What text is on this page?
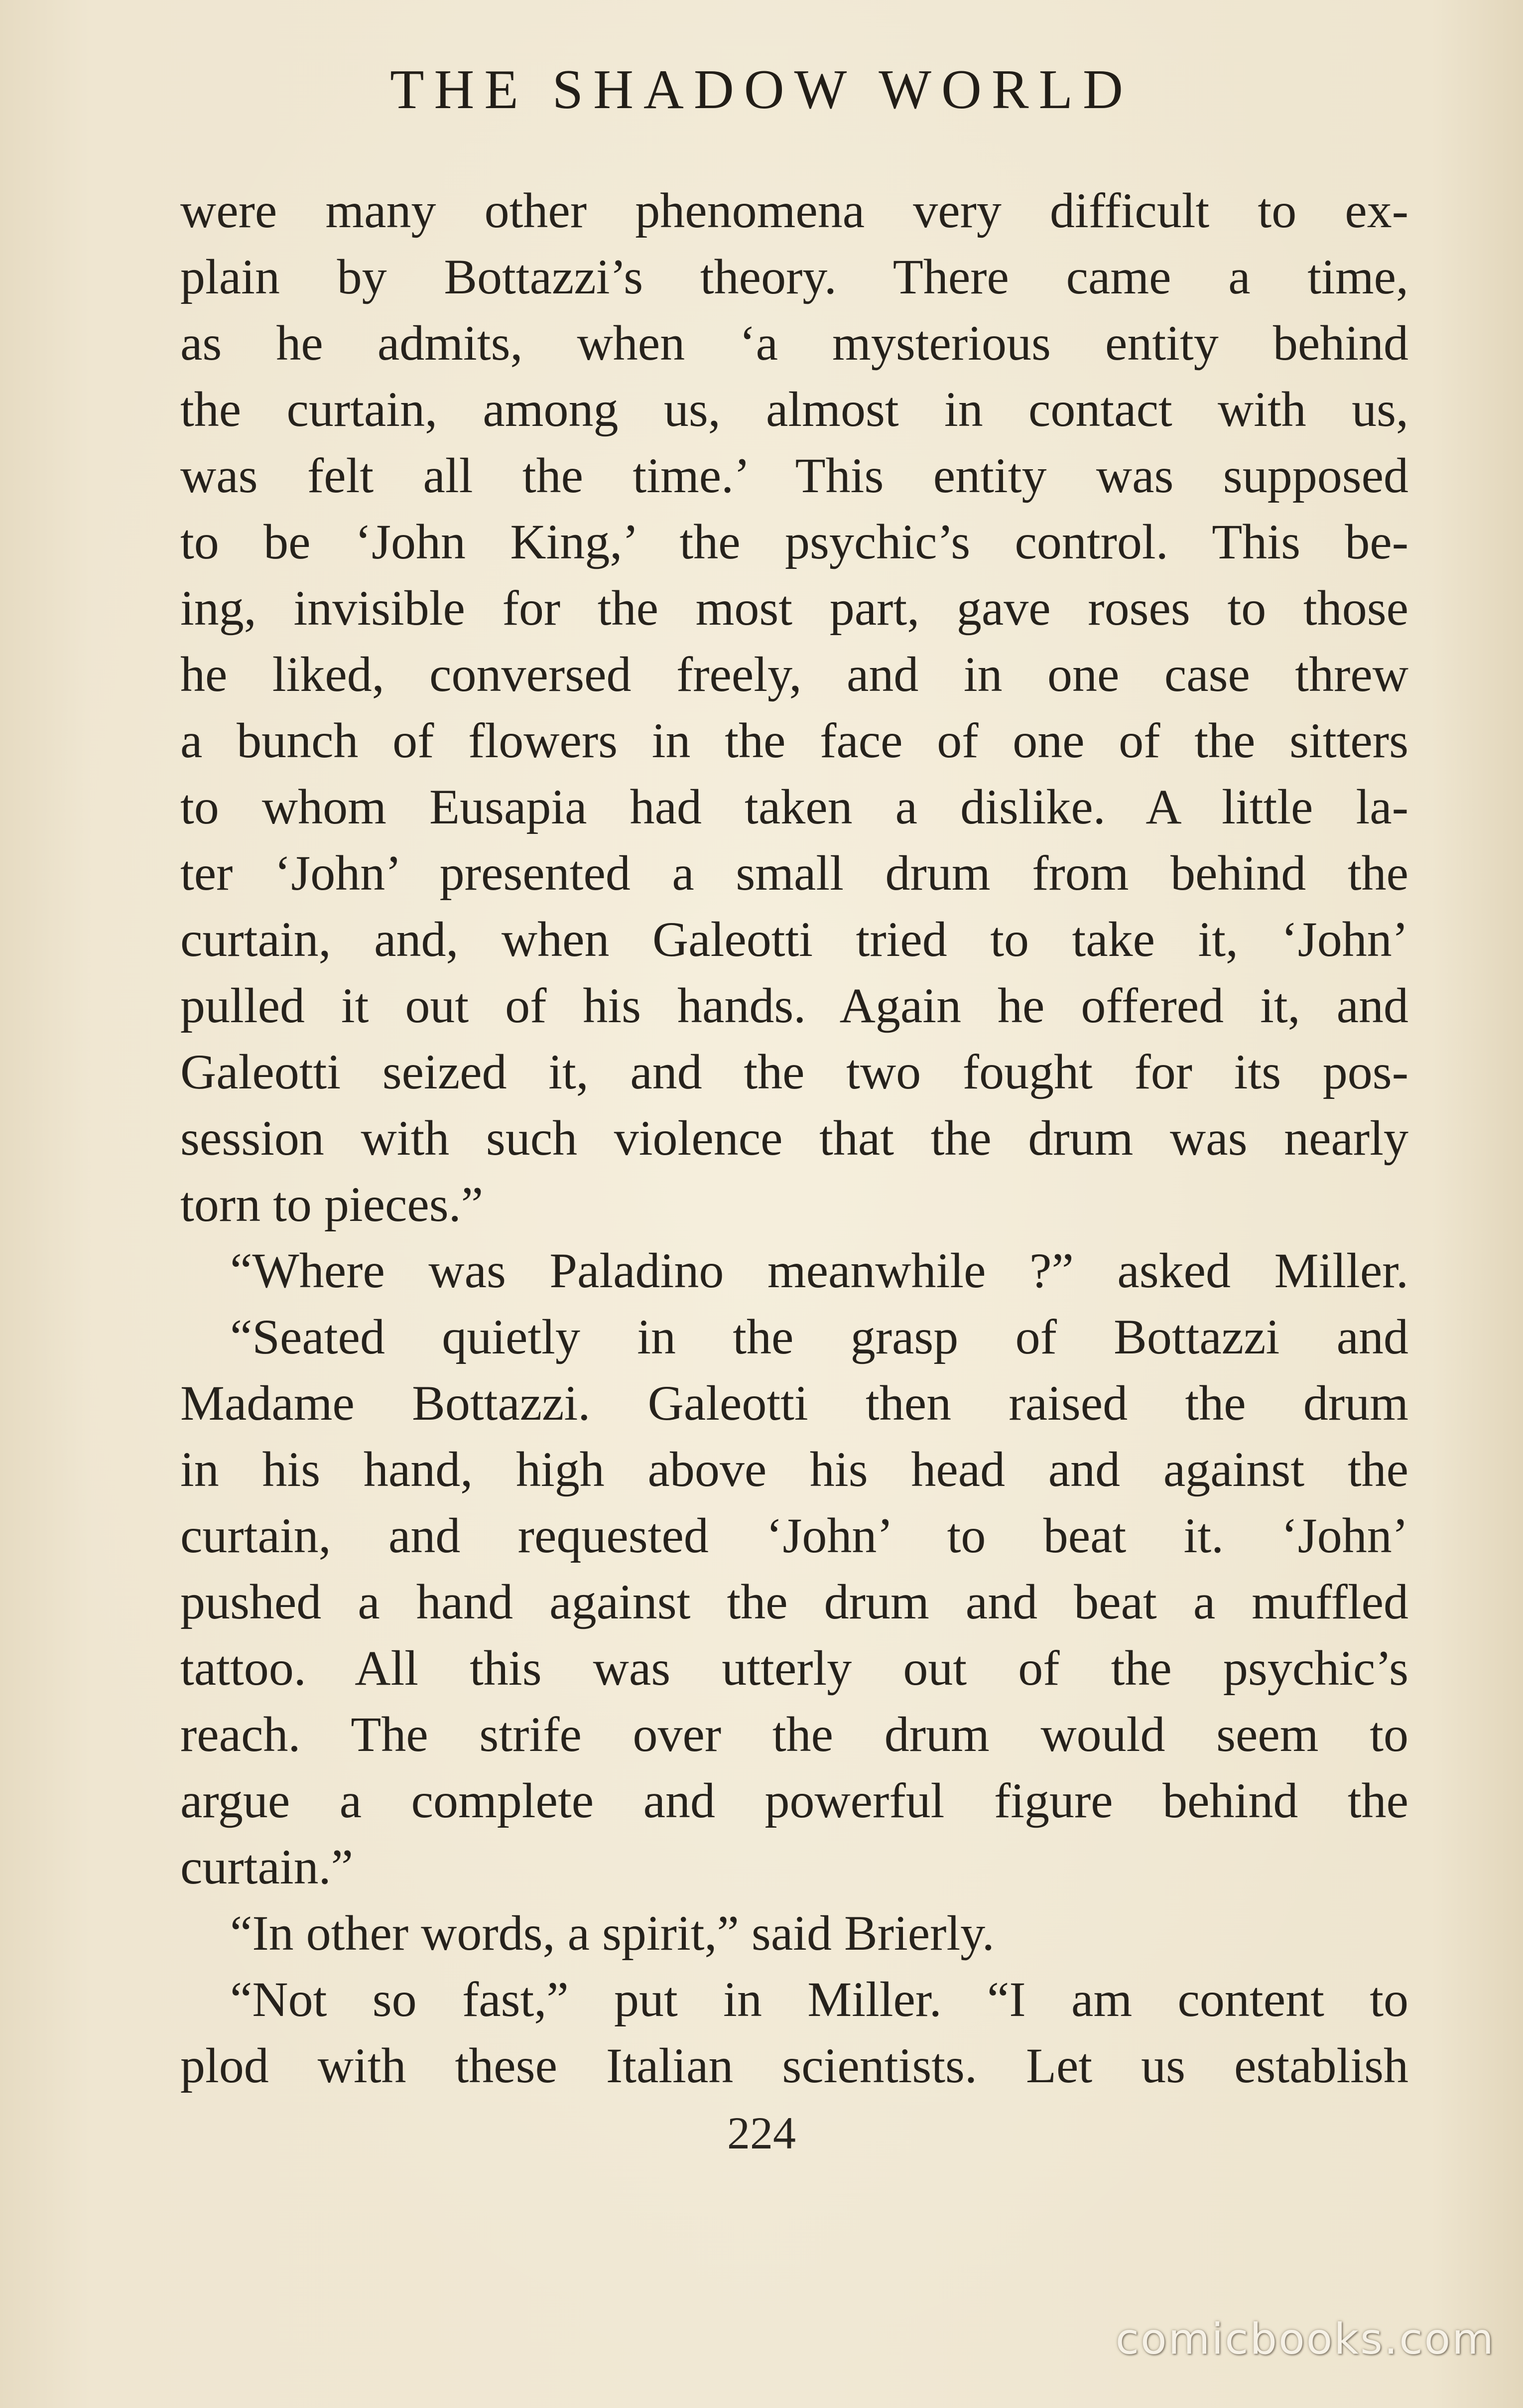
THE SHADOW WORLD
were many other phenomena very difficult to ex-
plain by Bottazzi’s theory. There came a time,
as he admits, when ‘a mysterious entity behind
the curtain, among us, almost in contact with us,
was felt all the time.’ This entity was supposed
to be ‘John King,’ the psychic’s control. This be-
ing, invisible for the most part, gave roses to those
he liked, conversed freely, and in one case threw
a bunch of flowers in the face of one of the sitters
to whom Eusapia had taken a dislike. A little la-
ter ‘John’ presented a small drum from behind the
curtain, and, when Galeotti tried to take it, ‘John’
pulled it out of his hands. Again he offered it, and
Galeotti seized it, and the two fought for its pos-
session with such violence that the drum was nearly
torn to pieces.”
“Where was Paladino meanwhile ?” asked Miller.
“Seated quietly in the grasp of Bottazzi and
Madame Bottazzi. Galeotti then raised the drum
in his hand, high above his head and against the
curtain, and requested ‘John’ to beat it. ‘John’
pushed a hand against the drum and beat a muffled
tattoo. All this was utterly out of the psychic’s
reach. The strife over the drum would seem to
argue a complete and powerful figure behind the
curtain.”
“In other words, a spirit,” said Brierly.
“Not so fast,” put in Miller. “I am content to
plod with these Italian scientists. Let us establish
224
comicbooks.com
